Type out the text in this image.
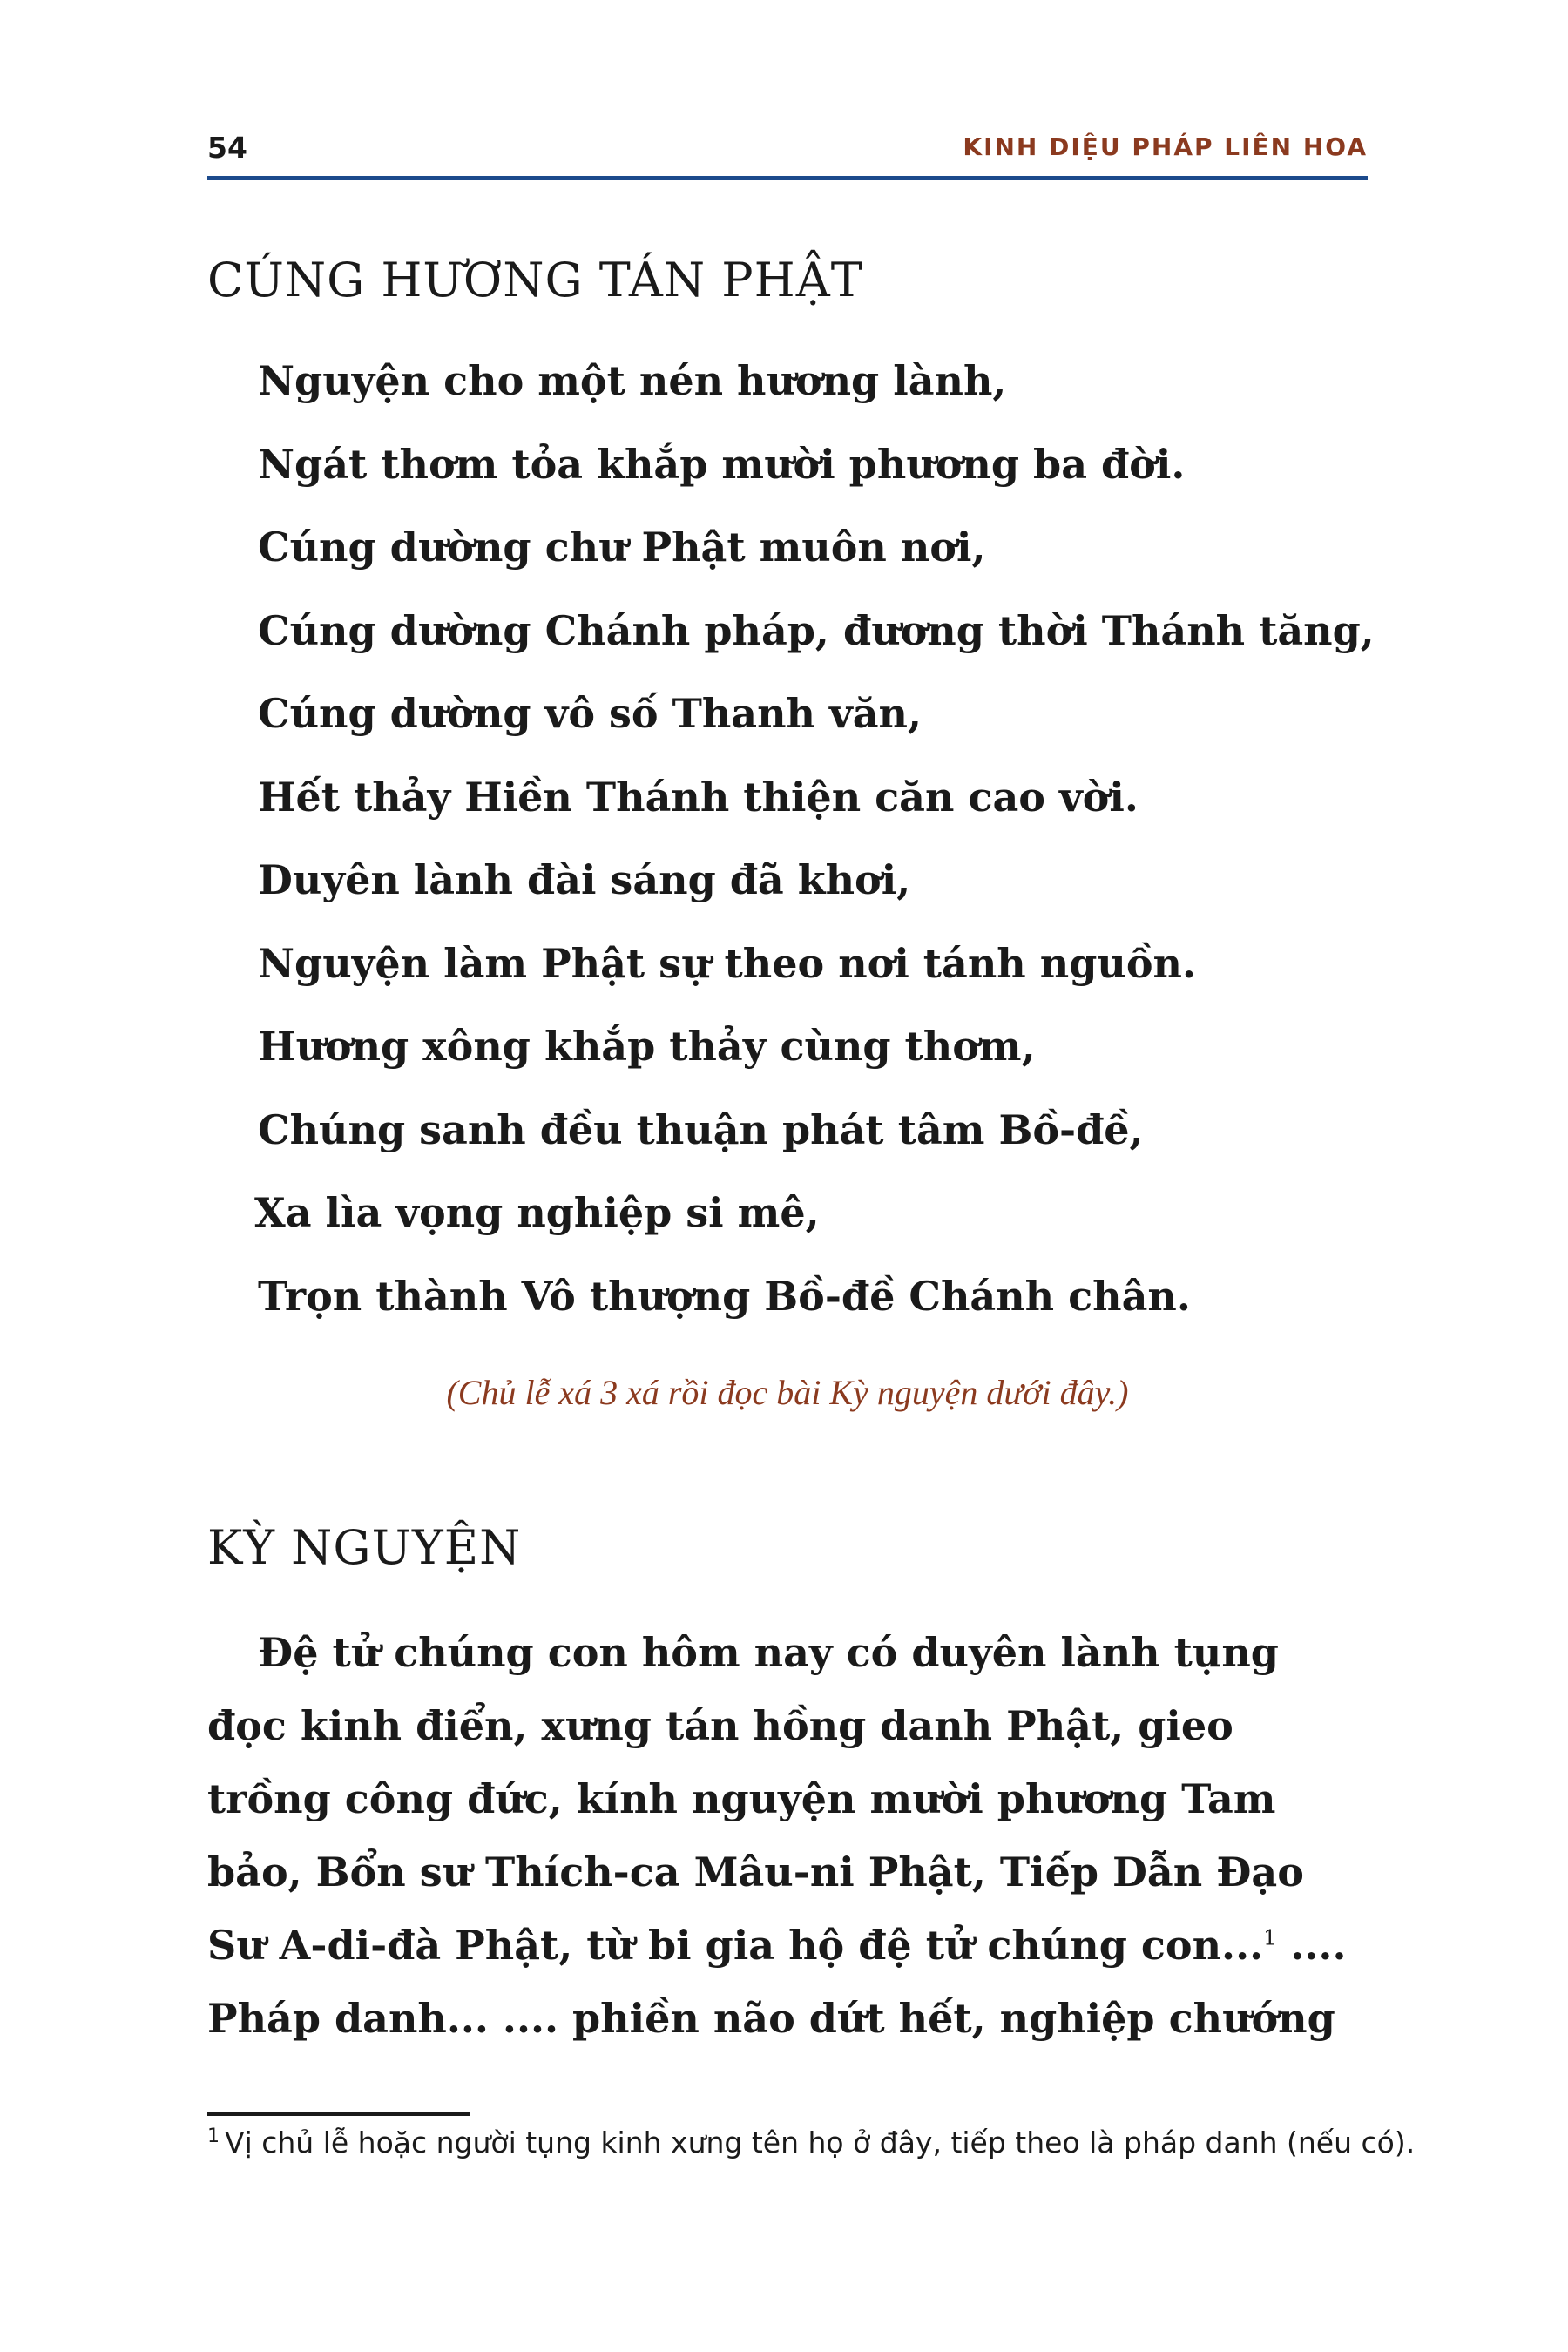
54	KINH DIỆU PHÁP LIÊN HOA
CÚNG HƯƠNG TÁN PHẬT
Nguyện cho một nén hương lành,
Ngát thơm tỏa khắp mười phương ba đời.
Cúng dường chư Phật muôn nơi,
Cúng dường Chánh pháp, đương thời Thánh tăng,
Cúng dường vô số Thanh văn,
Hết thảy Hiền Thánh thiện căn cao vời.
Duyên lành đài sáng đã khơi,
Nguyện làm Phật sự theo nơi tánh nguồn.
Hương xông khắp thảy cùng thơm,
Chúng sanh đều thuận phát tâm Bồ-đề,
Xa lìa vọng nghiệp si mê,
Trọn thành Vô thượng Bồ-đề Chánh chân.
(Chủ lễ xá 3 xá rồi đọc bài Kỳ nguyện dưới đây.)
KỲ NGUYỆN
Đệ tử chúng con hôm nay có duyên lành tụng
đọc kinh điển, xưng tán hồng danh Phật, gieo
trồng công đức, kính nguyện mười phương Tam
bảo, Bổn sư Thích-ca Mâu-ni Phật, Tiếp Dẫn Đạo
Sư A-di-đà Phật, từ bi gia hộ đệ tử chúng con...$^1$ ....
Pháp danh... .... phiền não dứt hết, nghiệp chướng
$^1$ Vị chủ lễ hoặc người tụng kinh xưng tên họ ở đây, tiếp theo là pháp danh (nếu có).
